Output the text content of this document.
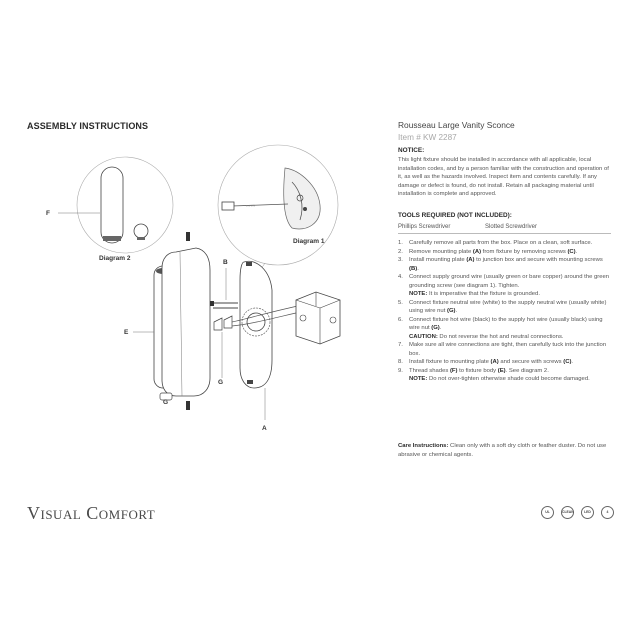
ASSEMBLY INSTRUCTIONS
F
Diagram 2
Diagram 1
E
G
B
G
A
Rousseau Large Vanity Sconce
Item # KW 2287
NOTICE:
This light fixture should be installed in accordance with all applicable, local installation codes, and by a person familiar with the construction and operation of it, as well as the hazards involved. Inspect item and contents carefully. If any damage or defect is found, do not install. Retain all packaging material until installation is complete and approved.
TOOLS REQUIRED (NOT INCLUDED):
Phillips Screwdriver	Slotted Screwdriver
1. Carefully remove all parts from the box. Place on a clean, soft surface.
2. Remove mounting plate (A) from fixture by removing screws (C).
3. Install mounting plate (A) to junction box and secure with mounting screws (B).
4. Connect supply ground wire (usually green or bare copper) around the green grounding screw (see diagram 1). Tighten.
NOTE: It is imperative that the fixture is grounded.
5. Connect fixture neutral wire (white) to the supply neutral wire (usually white) using wire nut (G).
6. Connect fixture hot wire (black) to the supply hot wire (usually black) using wire nut (G).
CAUTION: Do not reverse the hot and neutral connections.
7. Make sure all wire connections are tight, then carefully tuck into the junction box.
8. Install fixture to mounting plate (A) and secure with screws (C).
9. Thread shades (F) to fixture body (E). See diagram 2.
NOTE: Do not over-tighten otherwise shade could become damaged.
Care Instructions: Clean only with a soft dry cloth or feather duster. Do not use abrasive or chemical agents.
Visual Comfort	UL	CLEAN	LED	4
